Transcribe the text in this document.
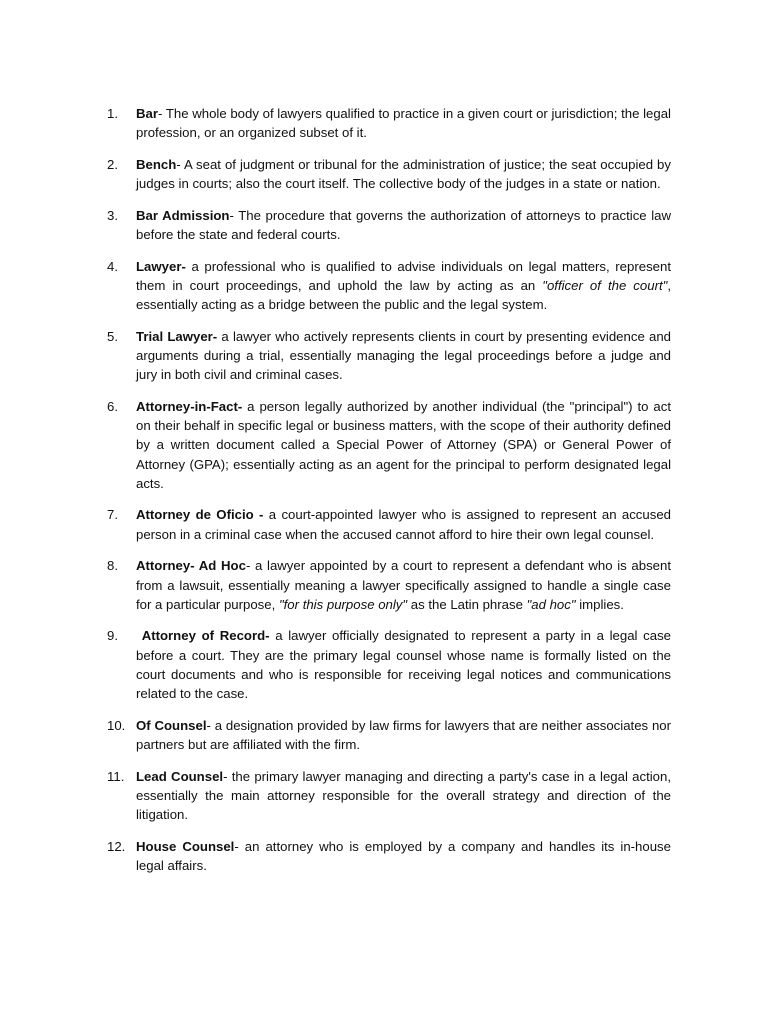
1.	Bar- The whole body of lawyers qualified to practice in a given court or jurisdiction; the legal profession, or an organized subset of it.
2.	Bench- A seat of judgment or tribunal for the administration of justice; the seat occupied by judges in courts; also the court itself. The collective body of the judges in a state or nation.
3.	Bar Admission- The procedure that governs the authorization of attorneys to practice law before the state and federal courts.
4.	Lawyer- a professional who is qualified to advise individuals on legal matters, represent them in court proceedings, and uphold the law by acting as an "officer of the court", essentially acting as a bridge between the public and the legal system.
5.	Trial Lawyer- a lawyer who actively represents clients in court by presenting evidence and arguments during a trial, essentially managing the legal proceedings before a judge and jury in both civil and criminal cases.
6.	Attorney-in-Fact- a person legally authorized by another individual (the "principal") to act on their behalf in specific legal or business matters, with the scope of their authority defined by a written document called a Special Power of Attorney (SPA) or General Power of Attorney (GPA); essentially acting as an agent for the principal to perform designated legal acts.
7.	Attorney de Oficio - a court-appointed lawyer who is assigned to represent an accused person in a criminal case when the accused cannot afford to hire their own legal counsel.
8.	Attorney- Ad Hoc- a lawyer appointed by a court to represent a defendant who is absent from a lawsuit, essentially meaning a lawyer specifically assigned to handle a single case for a particular purpose, "for this purpose only" as the Latin phrase "ad hoc" implies.
9.	Attorney of Record- a lawyer officially designated to represent a party in a legal case before a court. They are the primary legal counsel whose name is formally listed on the court documents and who is responsible for receiving legal notices and communications related to the case.
10. Of Counsel- a designation provided by law firms for lawyers that are neither associates nor partners but are affiliated with the firm.
11. Lead Counsel- the primary lawyer managing and directing a party's case in a legal action, essentially the main attorney responsible for the overall strategy and direction of the litigation.
12. House Counsel- an attorney who is employed by a company and handles its in-house legal affairs.
